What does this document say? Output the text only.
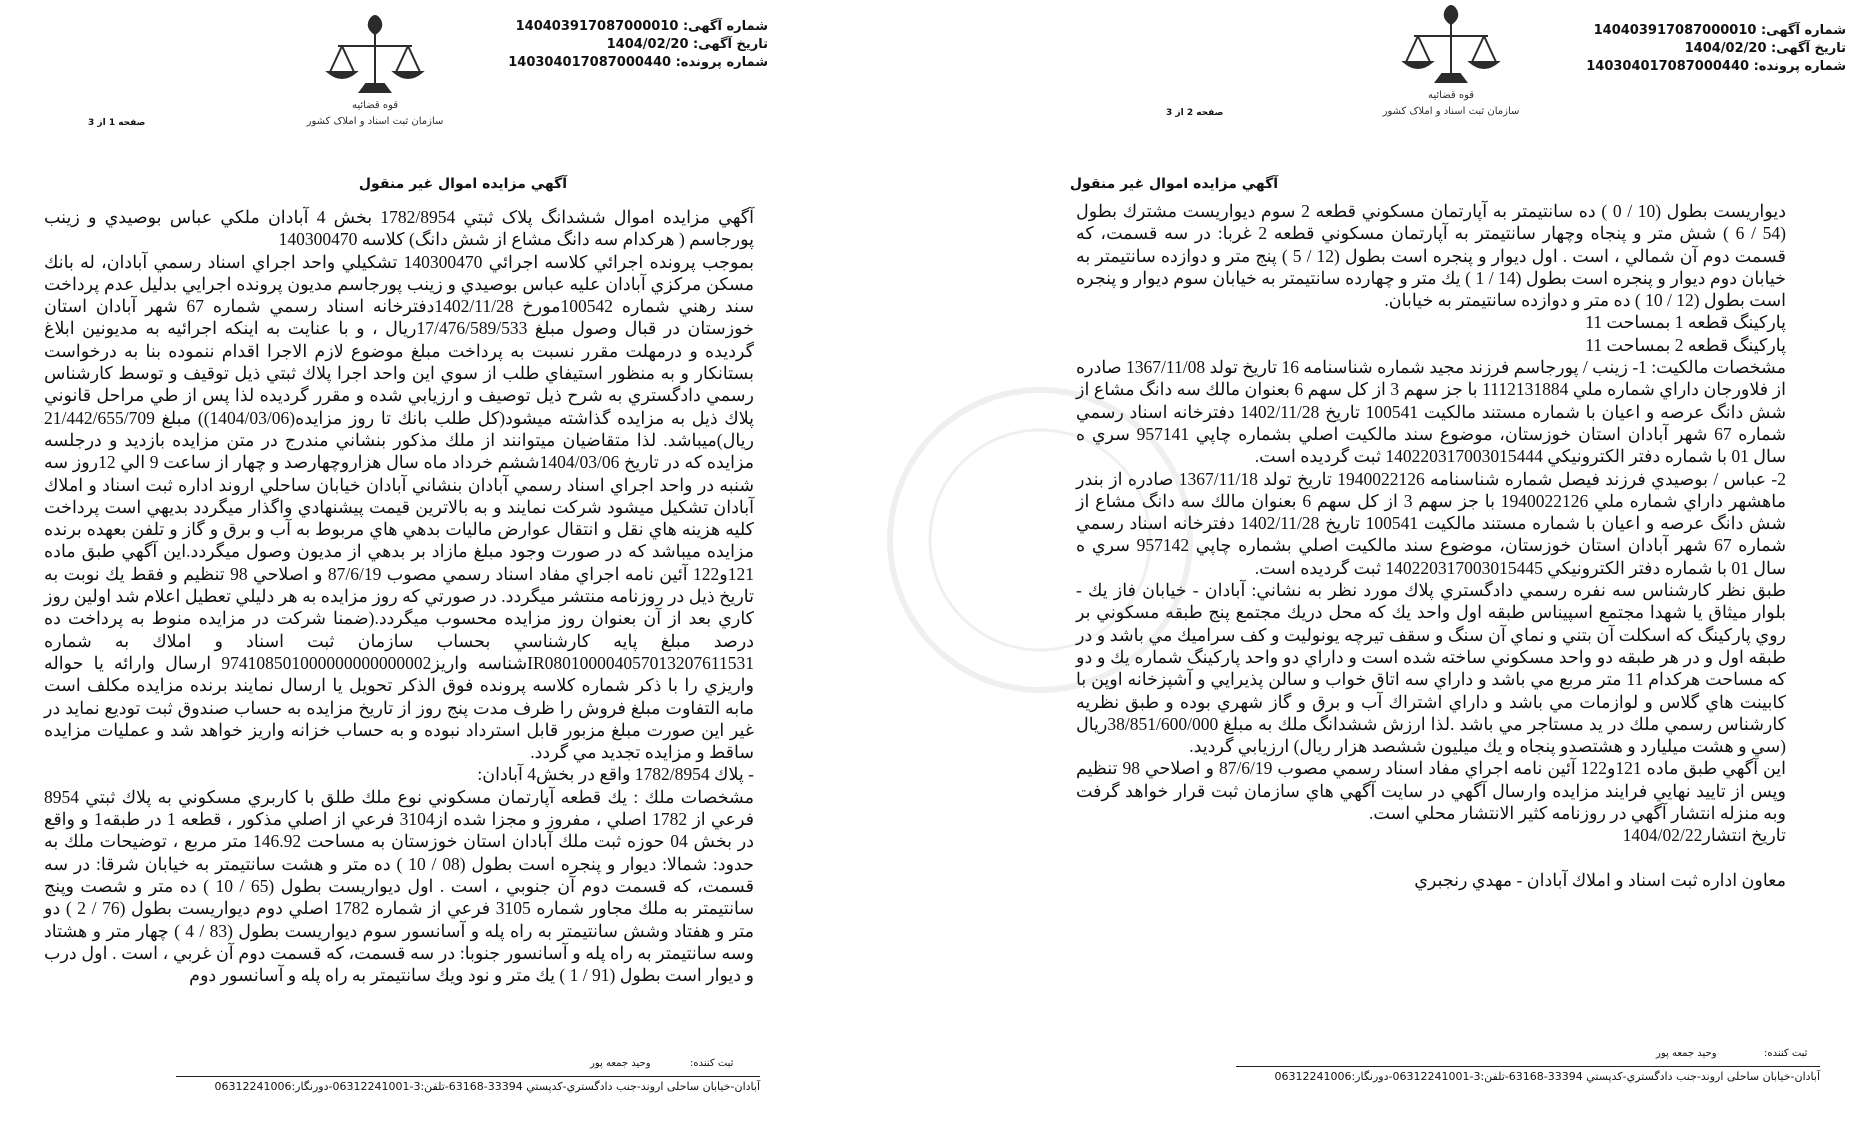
شماره آگهی: 140403917087000010
تاریخ آگهی: 1404/02/20
شماره پرونده: 140304017087000440
قوه قضائیه
سازمان ثبت اسناد و املاک کشور
صفحه 1 از 3
آگهي مزايده اموال غير منقول

آگهي مزايده اموال ششدانگ پلاک ثبتي 1782/8954 بخش 4 آبادان ملكي عباس بوصيدي و زينب پورجاسم ( هركدام سه دانگ مشاع از شش دانگ) كلاسه 140300470

بموجب پرونده اجرائي كلاسه اجرائي 140300470 تشكيلي واحد اجراي اسناد رسمي آبادان، له بانك مسكن مركزي آبادان عليه عباس بوصيدي و زينب پورجاسم مديون پرونده اجرايي بدليل عدم پرداخت سند رهني شماره 100542مورخ 1402/11/28دفترخانه اسناد رسمي شماره 67 شهر آبادان استان خوزستان در قبال وصول مبلغ 17/476/589/533ريال ، و با عنايت به اينكه اجرائيه به مديونين ابلاغ گرديده و درمهلت مقرر نسبت به پرداخت مبلغ موضوع لازم الاجرا اقدام ننموده بنا به درخواست بستانكار و به منظور استيفاي طلب از سوي اين واحد اجرا پلاك ثبتي ذيل توقيف و توسط كارشناس رسمي دادگستري به شرح ذيل توصيف و ارزيابي شده و مقرر گرديده لذا پس از طي مراحل قانوني پلاك ذيل به مزايده گذاشته ميشود(كل طلب بانك تا روز مزايده(1404/03/06)) مبلغ 21/442/655/709 ريال)ميباشد. لذا متقاضيان ميتوانند از ملك مذكور بنشاني مندرج در متن مزايده بازديد و درجلسه مزايده كه در تاريخ 1404/03/06ششم خرداد ماه سال هزاروچهارصد و چهار از ساعت 9 الي 12روز سه شنبه در واحد اجراي اسناد رسمي آبادان بنشاني آبادان خيابان ساحلي اروند اداره ثبت اسناد و املاك آبادان تشكيل ميشود شركت نمايند و به بالاترين قيمت پيشنهادي واگذار ميگردد بديهي است پرداخت كليه هزينه هاي نقل و انتقال عوارض ماليات بدهي هاي مربوط به آب و برق و گاز و تلفن بعهده برنده مزايده ميباشد كه در صورت وجود مبلغ مازاد بر بدهي از مديون وصول ميگردد.اين آگهي طبق ماده 121و122 آئين نامه اجراي مفاد اسناد رسمي مصوب 87/6/19 و اصلاحي 98 تنظيم و فقط يك نوبت به تاريخ ذيل در روزنامه منتشر ميگردد. در صورتي كه روز مزايده به هر دليلي تعطيل اعلام شد اولين روز كاري بعد از آن بعنوان روز مزايده محسوب ميگردد.(ضمنا شركت در مزايده منوط به پرداخت ده درصد مبلغ پايه كارشناسي بحساب سازمان ثبت اسناد و املاك به شماره IR080100004057013207611531شناسه واريز974108501000000000000002 ارسال وارائه يا حواله واريزي را با ذكر شماره كلاسه پرونده فوق الذكر تحويل يا ارسال نمايند برنده مزايده مكلف است مابه التفاوت مبلغ فروش را ظرف مدت پنج روز از تاريخ مزايده به حساب صندوق ثبت توديع نمايد در غير اين صورت مبلغ مزبور قابل استرداد نبوده و به حساب خزانه واريز خواهد شد و عمليات مزايده ساقط و مزايده تجديد مي گردد.

- پلاك 1782/8954 واقع در بخش4 آبادان:

مشخصات ملك : يك قطعه آپارتمان مسكوني نوع ملك طلق با كاربري مسكوني به پلاك ثبتي 8954 فرعي از 1782 اصلي ، مفروز و مجزا شده از3104 فرعي از اصلي مذكور ، قطعه 1 در طبقه1 و واقع در بخش 04 حوزه ثبت ملك آبادان استان خوزستان به مساحت 146.92 متر مربع ، توضيحات ملك به حدود: شمالا: ديوار و پنجره است بطول (08 / 10 ) ده متر و هشت سانتيمتر به خيابان شرقا: در سه قسمت، كه قسمت دوم آن جنوبي ، است . اول ديواريست بطول (65 / 10 ) ده متر و شصت وپنج سانتيمتر به ملك مجاور شماره 3105 فرعي از شماره 1782 اصلي دوم ديواريست بطول (76 / 2 ) دو متر و هفتاد وشش سانتيمتر به راه پله و آسانسور سوم ديواريست بطول (83 / 4 ) چهار متر و هشتاد وسه سانتيمتر به راه پله و آسانسور جنوبا: در سه قسمت، كه قسمت دوم آن غربي ، است . اول درب و ديوار است بطول (91 / 1 ) يك متر و نود ويك سانتيمتر به راه پله و آسانسور دوم

ثبت كننده:
وحيد جمعه پور
آبادان-خیابان ساحلی اروند-جنب دادگستري-كدپستي 33394-63168-تلفن:3-06312241001-دورنگار:06312241006
شماره آگهی: 140403917087000010
تاریخ آگهی: 1404/02/20
شماره پرونده: 140304017087000440
قوه قضائیه
سازمان ثبت اسناد و املاک کشور
صفحه 2 از 3
آگهي مزايده اموال غير منقول

ديواريست بطول (10 / 0 ) ده سانتيمتر به آپارتمان مسكوني قطعه 2 سوم ديواريست مشترك بطول (54 / 6 ) شش متر و پنجاه وچهار سانتيمتر به آپارتمان مسكوني قطعه 2 غربا: در سه قسمت، كه قسمت دوم آن شمالي ، است . اول ديوار و پنجره است بطول (12 / 5 ) پنج متر و دوازده سانتيمتر به خيابان دوم ديوار و پنجره است بطول (14 / 1 ) يك متر و چهارده سانتيمتر به خيابان سوم ديوار و پنجره است بطول (12 / 10 ) ده متر و دوازده سانتيمتر به خيابان.

پاركينگ قطعه 1 بمساحت 11

پاركينگ قطعه 2 بمساحت 11

مشخصات مالكيت: 1- زينب / پورجاسم فرزند مجيد شماره شناسنامه 16 تاريخ تولد 1367/11/08 صادره از فلاورجان داراي شماره ملي 1112131884 با جز سهم 3 از كل سهم 6 بعنوان مالك سه دانگ مشاع از شش دانگ عرصه و اعيان با شماره مستند مالكيت 100541 تاريخ 1402/11/28 دفترخانه اسناد رسمي شماره 67 شهر آبادان استان خوزستان، موضوع سند مالكيت اصلي بشماره چاپي 957141 سري ه سال 01 با شماره دفتر الكترونيكي 140220317003015444 ثبت گرديده است.

2- عباس / بوصيدي فرزند فيصل شماره شناسنامه 1940022126 تاريخ تولد 1367/11/18 صادره از بندر ماهشهر داراي شماره ملي 1940022126 با جز سهم 3 از كل سهم 6 بعنوان مالك سه دانگ مشاع از شش دانگ عرصه و اعيان با شماره مستند مالكيت 100541 تاريخ 1402/11/28 دفترخانه اسناد رسمي شماره 67 شهر آبادان استان خوزستان، موضوع سند مالكيت اصلي بشماره چاپي 957142 سري ه سال 01 با شماره دفتر الكترونيكي 140220317003015445 ثبت گرديده است.

طبق نظر كارشناس سه نفره رسمي دادگستري پلاك مورد نظر به نشاني: آبادان - خيابان فاز يك - بلوار ميثاق يا شهدا مجتمع اسپيناس طبقه اول واحد يك كه محل دريك مجتمع پنج طبقه مسكوني بر روي پاركينگ كه اسكلت آن بتني و نماي آن سنگ و سقف تيرچه يونوليت و كف سراميك مي باشد و در طبقه اول و در هر طبقه دو واحد مسكوني ساخته شده است و داراي دو واحد پاركينگ شماره يك و دو كه مساحت هركدام 11 متر مربع مي باشد و داراي سه اتاق خواب و سالن پذيرايي و آشپزخانه اوپن با كابينت هاي گلاس و لوازمات مي باشد و داراي اشتراك آب و برق و گاز شهري بوده و طبق نظريه كارشناس رسمي ملك در يد مستاجر مي باشد .لذا ارزش ششدانگ ملك به مبلغ 38/851/600/000ريال (سي و هشت ميليارد و هشتصدو پنجاه و يك ميليون ششصد هزار ريال) ارزيابي گرديد.

اين آگهي طبق ماده 121و122 آئين نامه اجراي مفاد اسناد رسمي مصوب 87/6/19 و اصلاحي 98 تنظيم وپس از تاييد نهايي فرايند مزايده وارسال آگهي در سايت آگهي هاي سازمان ثبت قرار خواهد گرفت وبه منزله انتشار آگهي در روزنامه كثير الانتشار محلي است.

تاريخ انتشار1404/02/22

معاون اداره ثبت اسناد و املاك آبادان - مهدي رنجبري

ثبت كننده:
وحيد جمعه پور
آبادان-خیابان ساحلی اروند-جنب دادگستري-كدپستي 33394-63168-تلفن:3-06312241001-دورنگار:06312241006
